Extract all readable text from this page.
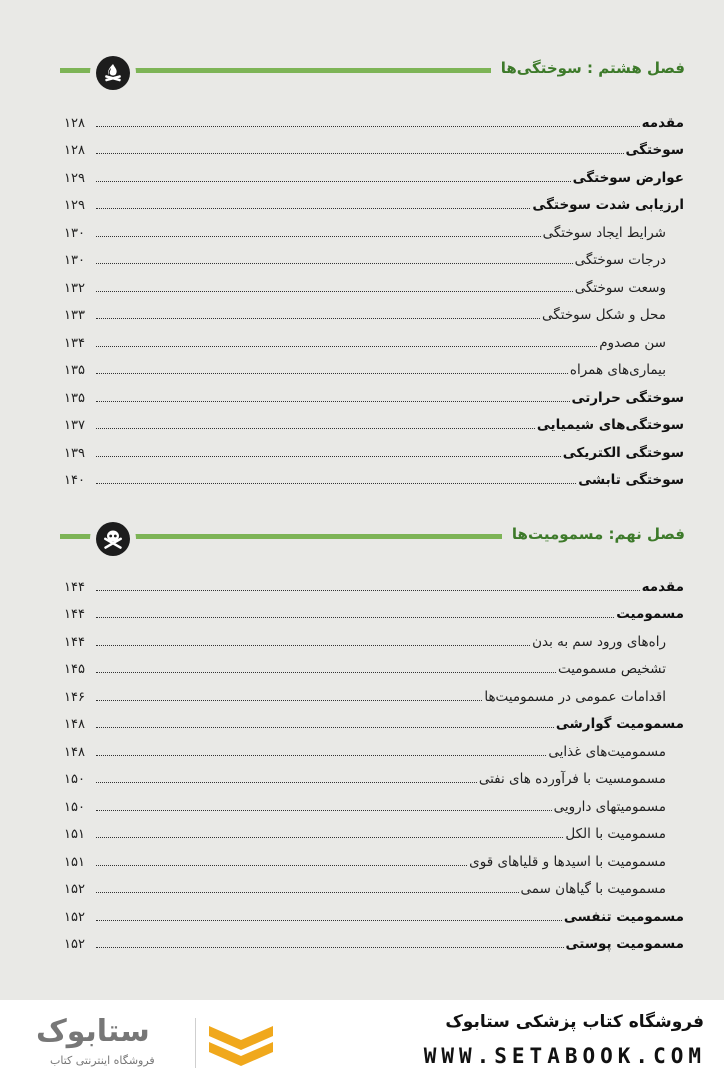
فصل هشتم : سوختگی‌ها
مقدمه
۱۲۸
سوختگی
۱۲۸
عوارض سوختگی
۱۲۹
ارزیابی شدت سوختگی
۱۲۹
شرایط ایجاد سوختگی
۱۳۰
درجات سوختگی
۱۳۰
وسعت سوختگی
۱۳۲
محل و شکل سوختگی
۱۳۳
سن مصدوم
۱۳۴
بیماری‌های همراه
۱۳۵
سوختگی حرارتی
۱۳۵
سوختگی‌های شیمیایی
۱۳۷
سوختگی الکتریکی
۱۳۹
سوختگی تابشی
۱۴۰
فصل نهم: مسمومیت‌ها
مقدمه
۱۴۴
مسمومیت
۱۴۴
راه‌های ورود سم به بدن
۱۴۴
تشخیص مسمومیت
۱۴۵
اقدامات عمومی در مسمومیت‌ها
۱۴۶
مسمومیت گوارشی
۱۴۸
مسمومیت‌های غذایی
۱۴۸
مسمومسیت با فرآورده های نفتی
۱۵۰
مسمومیتهای دارویی
۱۵۰
مسمومیت با الکل
۱۵۱
مسمومیت با اسیدها و قلیاهای قوی
۱۵۱
مسمومیت با گیاهان سمی
۱۵۲
مسمومیت تنفسی
۱۵۲
مسمومیت پوستی
۱۵۲
ستابوک
فروشگاه اینترنتی کتاب
فروشگاه کتاب پزشکی ستابوک
WWW.SETABOOK.COM
